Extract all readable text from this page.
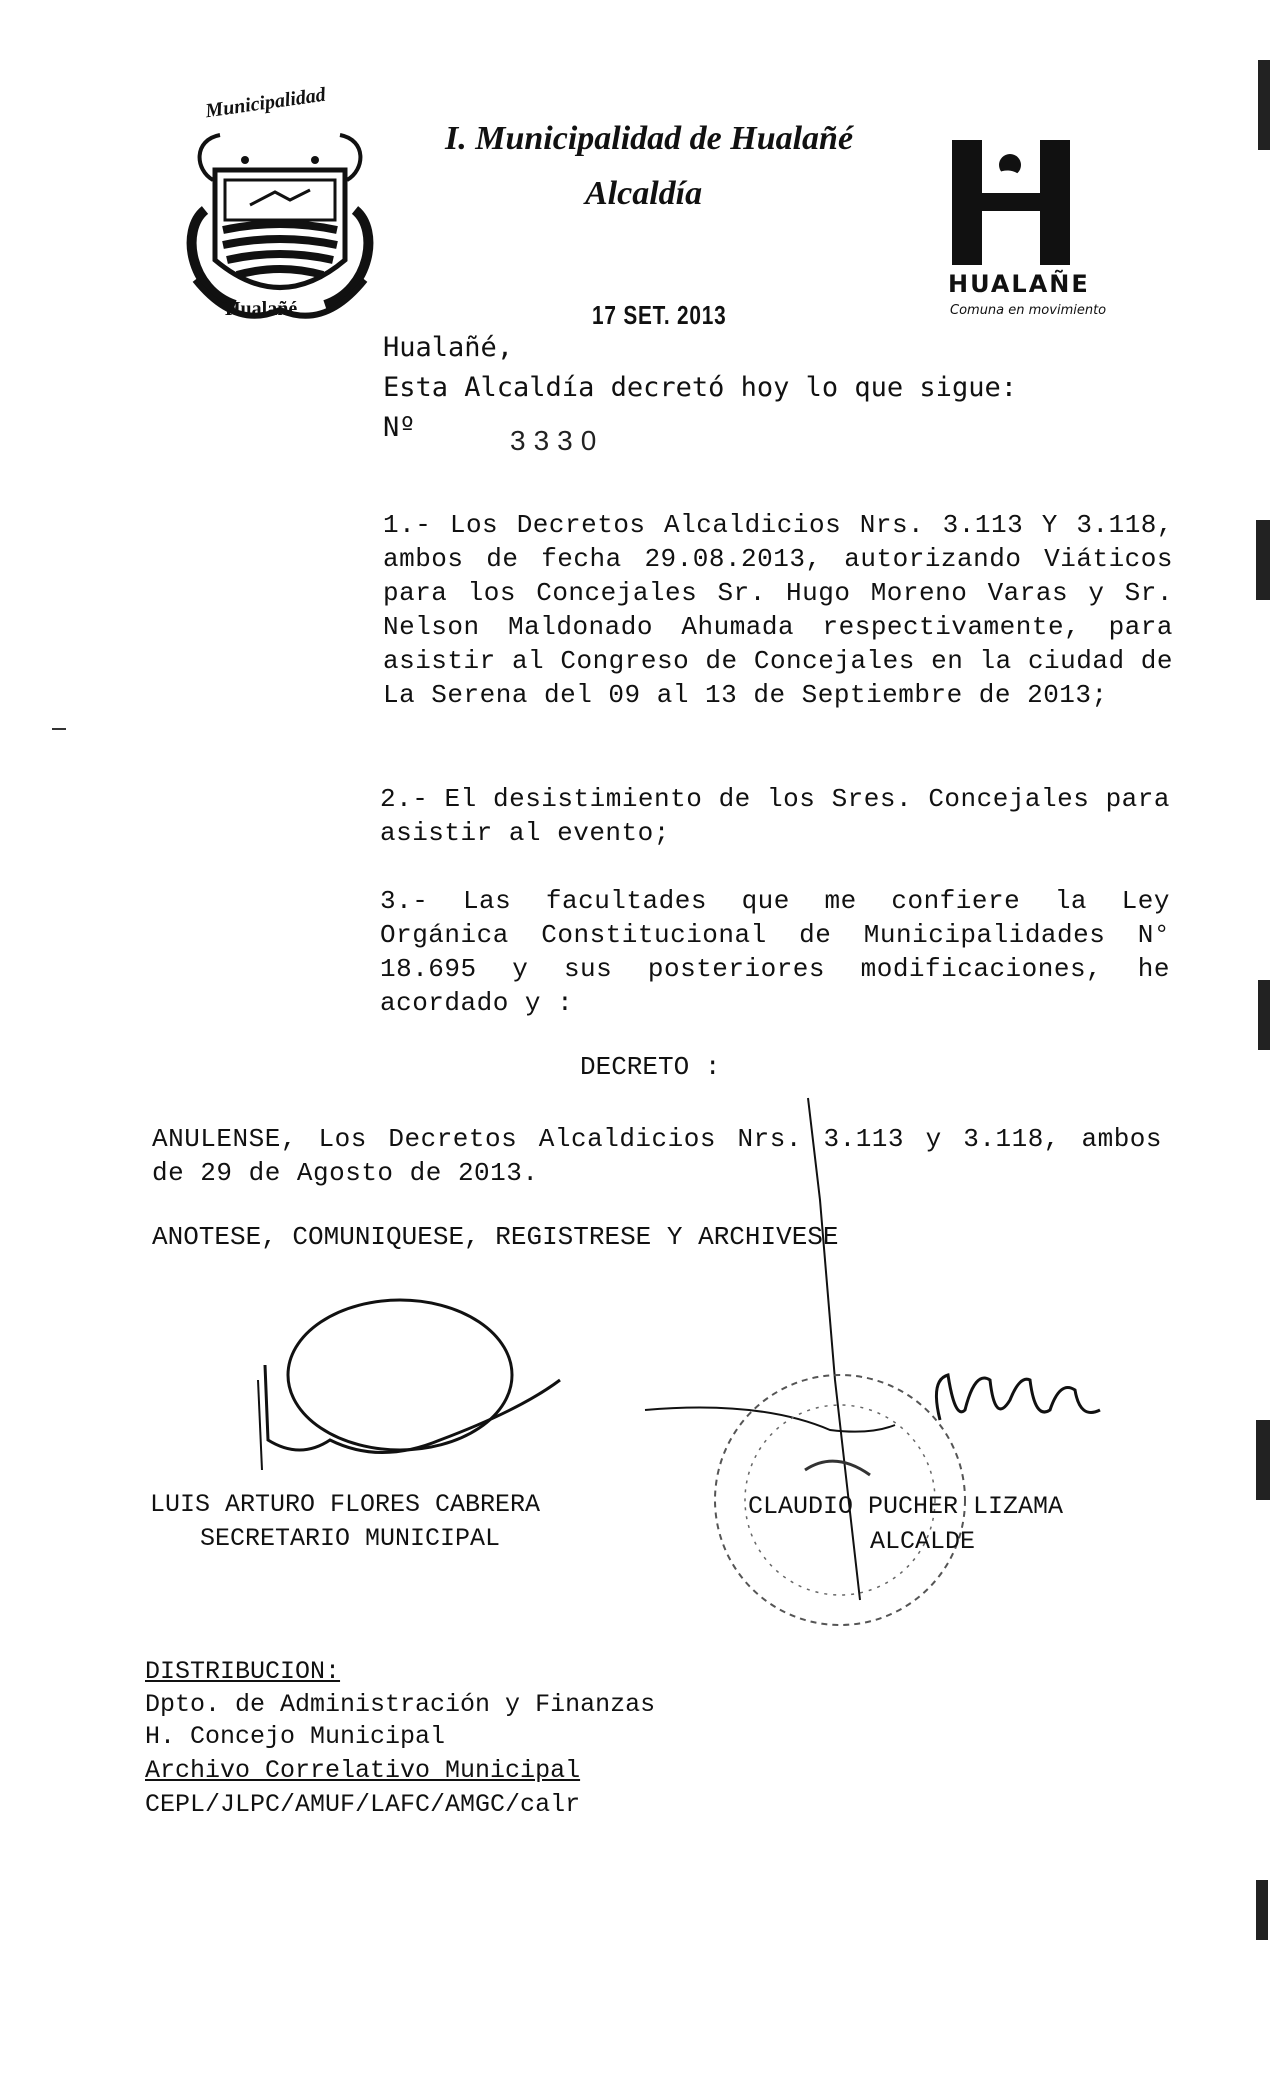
Municipalidad
Hualañé
I. Municipalidad de Hualañé
Alcaldía
HUALAÑE
Comuna en movimiento
17 SET. 2013
Hualañé,
Esta Alcaldía decretó hoy lo que sigue:
Nº	3330
1.- Los Decretos Alcaldicios Nrs. 3.113 Y 3.118, ambos de fecha 29.08.2013, autorizando Viáticos para los Concejales Sr. Hugo Moreno Varas y Sr. Nelson Maldonado Ahumada respectivamente, para asistir al Congreso de Concejales en la ciudad de La Serena del 09 al 13 de Septiembre de 2013;
2.- El desistimiento de los Sres. Concejales para asistir al evento;
3.- Las facultades que me confiere la Ley Orgánica Constitucional de Municipalidades N° 18.695 y sus posteriores modificaciones, he acordado y :
DECRETO :
ANULENSE, Los Decretos Alcaldicios Nrs. 3.113 y 3.118, ambos de 29 de Agosto de 2013.
ANOTESE, COMUNIQUESE, REGISTRESE Y ARCHIVESE
LUIS ARTURO FLORES CABRERA
SECRETARIO MUNICIPAL
CLAUDIO PUCHER LIZAMA
ALCALDE
DISTRIBUCION:
Dpto. de Administración y Finanzas
H. Concejo Municipal
Archivo Correlativo Municipal
CEPL/JLPC/AMUF/LAFC/AMGC/calr
